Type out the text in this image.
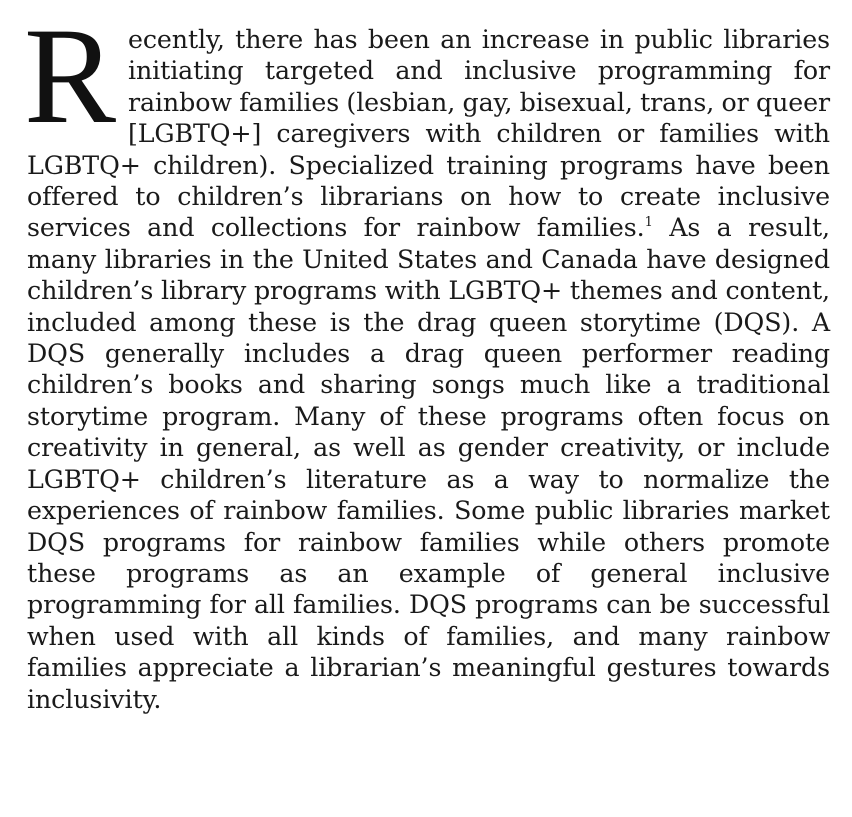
Recently, there has been an increase in public libraries initiating targeted and inclusive programming for rainbow families (lesbian, gay, bisexual, trans, or queer [LGBTQ+] caregivers with children or families with LGBTQ+ children). Specialized training programs have been offered to children’s librarians on how to create inclusive services and collections for rainbow families.$^1$ As a result, many libraries in the United States and Canada have designed children’s library programs with LGBTQ+ themes and content, included among these is the drag queen storytime (DQS). A DQS generally includes a drag queen performer reading children’s books and sharing songs much like a traditional storytime program. Many of these programs often focus on creativity in general, as well as gender creativity, or include LGBTQ+ children’s literature as a way to normalize the experiences of rainbow families. Some public libraries market DQS programs for rainbow families while others promote these programs as an example of general inclusive programming for all families. DQS programs can be successful when used with all kinds of families, and many rainbow families appreciate a librarian’s meaningful gestures towards inclusivity.
